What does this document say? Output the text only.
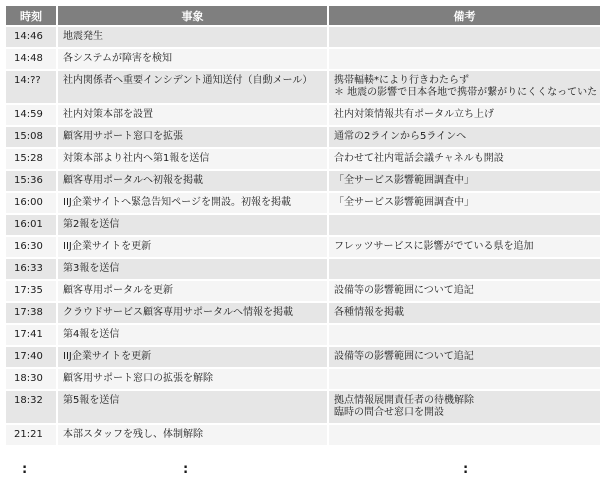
時刻	事象	備考
14:46	地震発生	
14:48	各システムが障害を検知	
14:??	社内関係者へ重要インシデント通知送付（自動メール）	携帯輻輳*により行きわたらず
＊ 地震の影響で日本各地で携帯が繋がりにくくなっていた

14:59	社内対策本部を設置	社内対策情報共有ポータル立ち上げ

15:08	顧客用サポート窓口を拡張	通常の2ラインから5ラインへ

15:28	対策本部より社内へ第1報を送信	合わせて社内電話会議チャネルも開設

15:36	顧客専用ポータルへ初報を掲載	「全サービス影響範囲調査中」

16:00	IIJ企業サイトへ緊急告知ページを開設。初報を掲載	「全サービス影響範囲調査中」

16:01	第2報を送信	
16:30	IIJ企業サイトを更新	フレッツサービスに影響がでている県を追加

16:33	第3報を送信	
17:35	顧客専用ポータルを更新	設備等の影響範囲について追記

17:38	クラウドサービス顧客専用サポータルへ情報を掲載	各種情報を掲載

17:41	第4報を送信	
17:40	IIJ企業サイトを更新	設備等の影響範囲について追記

18:30	顧客用サポート窓口の拡張を解除	
18:32	第5報を送信	拠点情報展開責任者の待機解除
臨時の問合せ窓口を開設

21:21	本部スタッフを残し、体制解除	
:	:	:
